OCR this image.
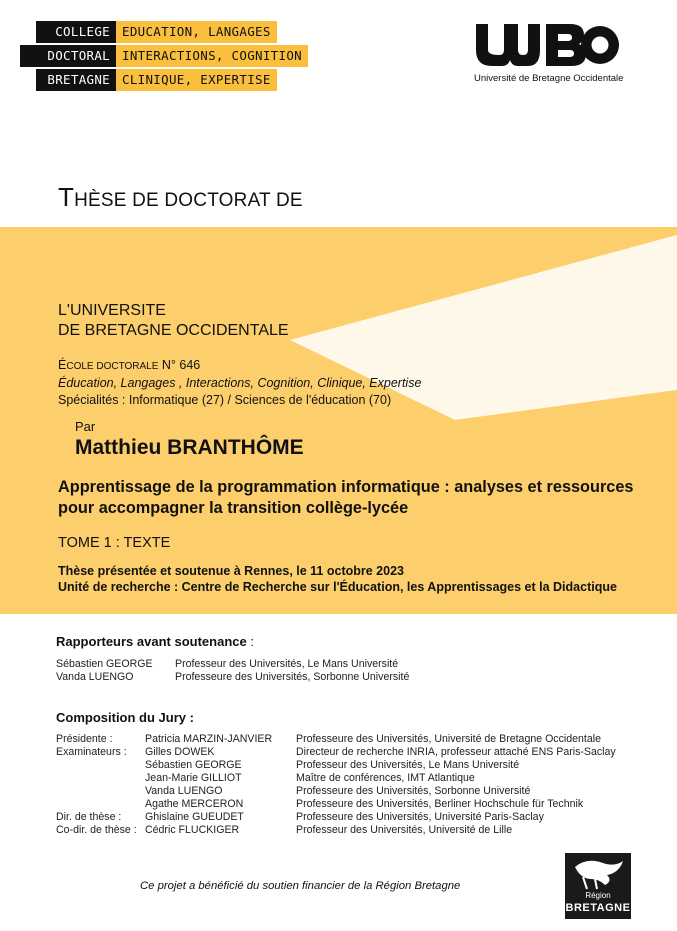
COLLEGE EDUCATION, LANGAGES
DOCTORAL INTERACTIONS, COGNITION
BRETAGNE CLINIQUE, EXPERTISE	Université de Bretagne Occidentale
THÈSE DE DOCTORAT DE
L'UNIVERSITE
DE BRETAGNE OCCIDENTALE
ÉCOLE DOCTORALE N° 646
Éducation, Langages , Interactions, Cognition, Clinique, Expertise
Spécialités : Informatique (27) / Sciences de l'éducation (70)
Par
Matthieu BRANTHÔME
Apprentissage de la programmation informatique : analyses et ressources pour accompagner la transition collège-lycée
TOME 1 : TEXTE
Thèse présentée et soutenue à Rennes, le 11 octobre 2023
Unité de recherche : Centre de Recherche sur l'Éducation, les Apprentissages et la Didactique
Rapporteurs avant soutenance :
Sébastien GEORGE Professeur des Universités, Le Mans Université
Vanda LUENGO	Professeure des Universités, Sorbonne Université
Composition du Jury :
Présidente :	Patricia MARZIN-JANVIER Professeure des Universités, Université de Bretagne Occidentale
Examinateurs : Gilles DOWEK	Directeur de recherche INRIA, professeur attaché ENS Paris-Saclay
Sébastien GEORGE	Professeur des Universités, Le Mans Université
Jean-Marie GILLIOT	Maître de conférences, IMT Atlantique
Vanda LUENGO	Professeure des Universités, Sorbonne Université
Agathe MERCERON	Professeure des Universités, Berliner Hochschule für Technik
Dir. de thèse : Ghislaine GUEUDET	Professeure des Universités, Université Paris-Saclay
Co-dir. de thèse : Cédric FLUCKIGER	Professeur des Universités, Université de Lille
Ce projet a bénéficié du soutien financier de la Région Bretagne
Région
BRETAGNE
